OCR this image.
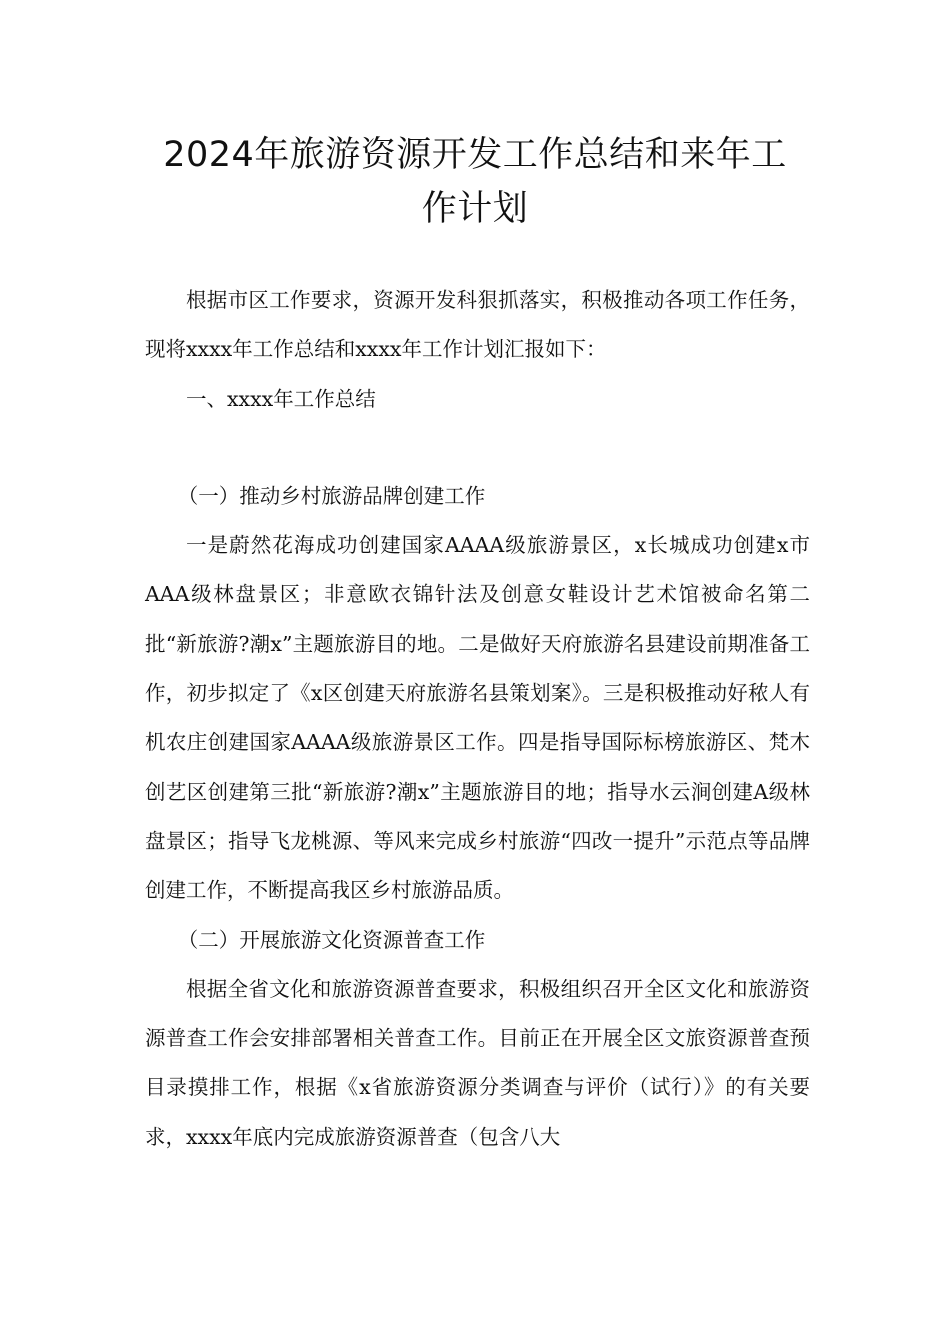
2024年旅游资源开发工作总结和来年工
作计划

根据市区工作要求，资源开发科狠抓落实，积极推动各项工作任务，现将xxxx年工作总结和xxxx年工作计划汇报如下：

一、xxxx年工作总结

（一）推动乡村旅游品牌创建工作

一是蔚然花海成功创建国家AAAA级旅游景区，x长城成功创建x市AAA级林盘景区；非意欧衣锦针法及创意女鞋设计艺术馆被命名第二批“新旅游?潮x”主题旅游目的地。二是做好天府旅游名县建设前期准备工作，初步拟定了《x区创建天府旅游名县策划案》。三是积极推动好秾人有机农庄创建国家AAAA级旅游景区工作。四是指导国际标榜旅游区、梵木创艺区创建第三批“新旅游?潮x”主题旅游目的地；指导水云涧创建A级林盘景区；指导飞龙桃源、等风来完成乡村旅游“四改一提升”示范点等品牌创建工作，不断提高我区乡村旅游品质。

（二）开展旅游文化资源普查工作

根据全省文化和旅游资源普查要求，积极组织召开全区文化和旅游资源普查工作会安排部署相关普查工作。目前正在开展全区文旅资源普查预目录摸排工作，根据《x省旅游资源分类调查与评价（试行）》的有关要求，xxxx年底内完成旅游资源普查（包含八大
